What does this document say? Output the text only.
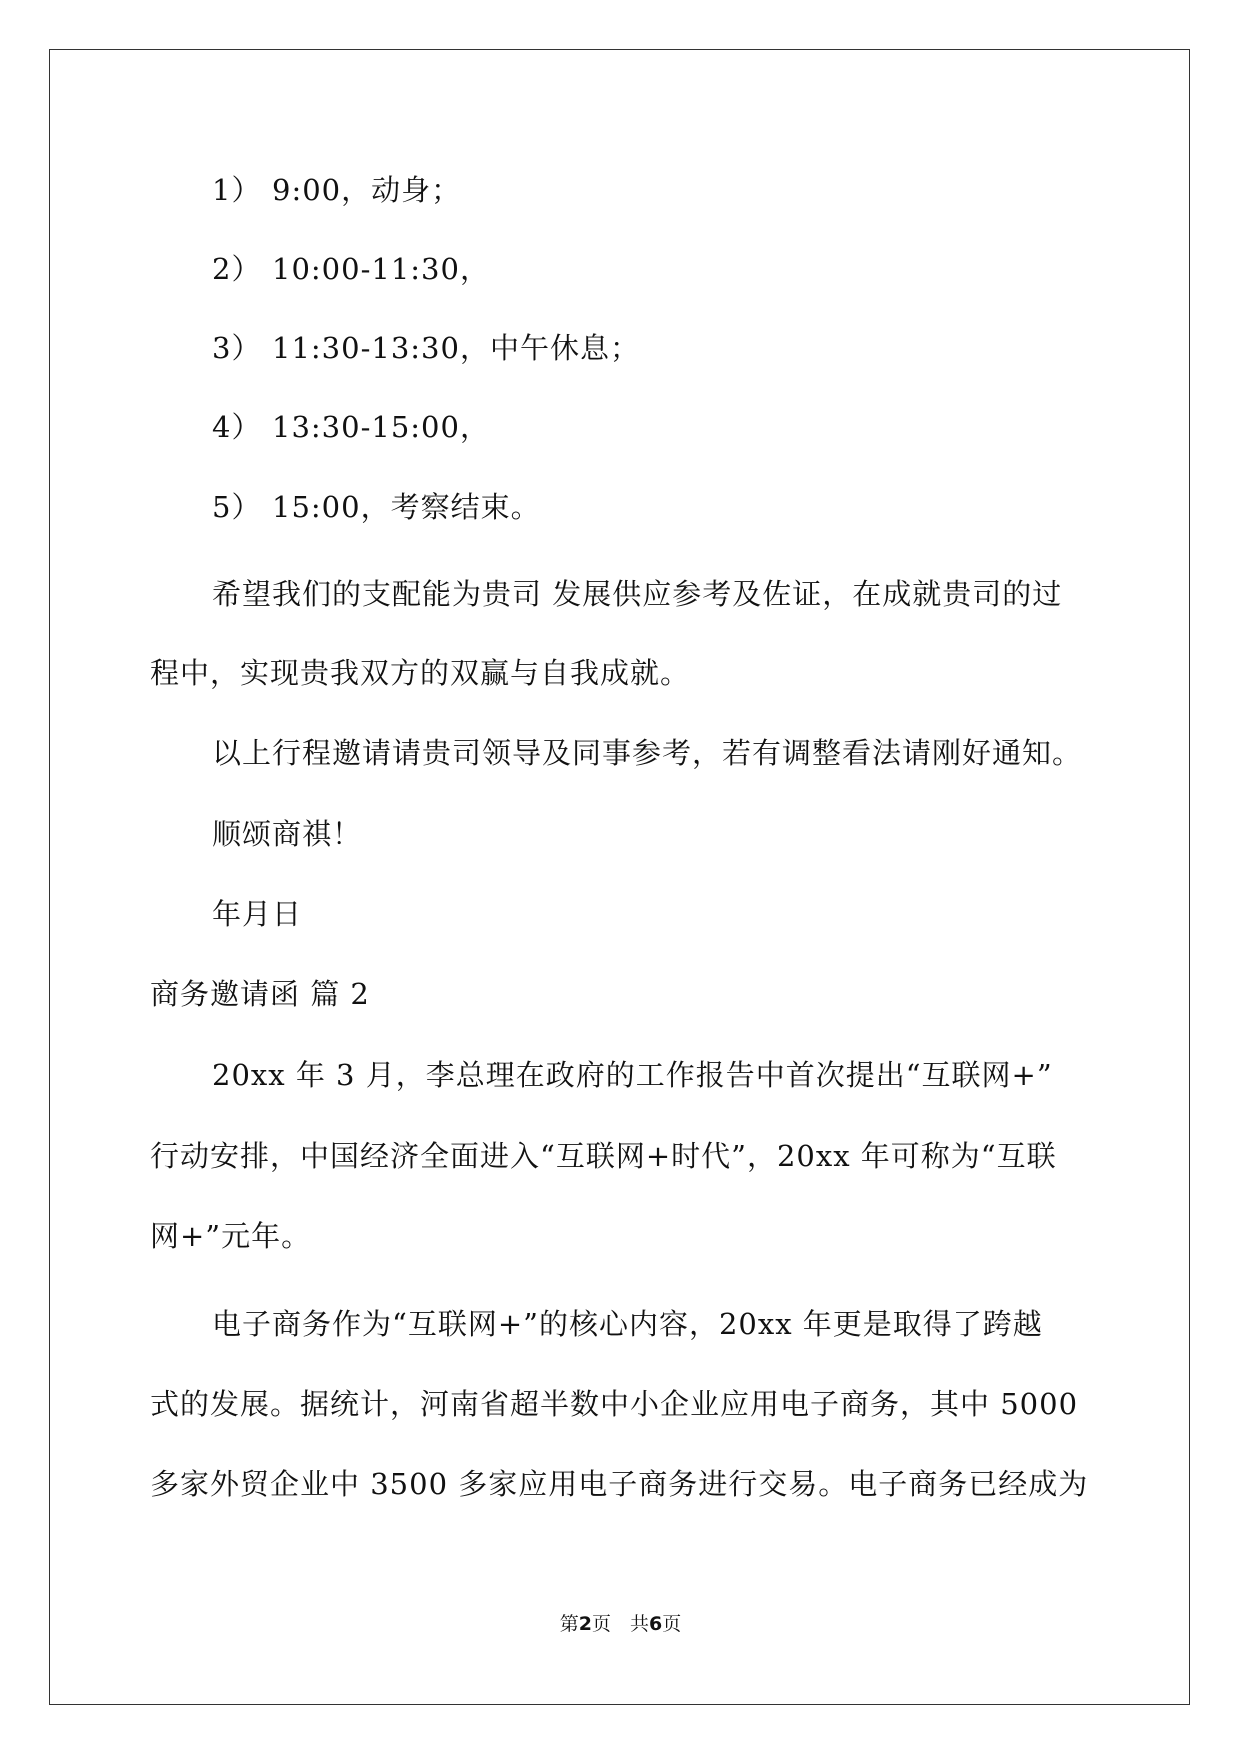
1） 9:00，动身；
2） 10:00-11:30，
3） 11:30-13:30，中午休息；
4） 13:30-15:00，
5） 15:00，考察结束。
希望我们的支配能为贵司 发展供应参考及佐证，在成就贵司的过
程中，实现贵我双方的双赢与自我成就。
以上行程邀请请贵司领导及同事参考，若有调整看法请刚好通知。
顺颂商祺！
年月日
商务邀请函 篇 2
20xx 年 3 月，李总理在政府的工作报告中首次提出“互联网+”
行动安排，中国经济全面进入“互联网+时代”，20xx 年可称为“互联
网+”元年。
电子商务作为“互联网+”的核心内容，20xx 年更是取得了跨越
式的发展。据统计，河南省超半数中小企业应用电子商务，其中 5000
多家外贸企业中 3500 多家应用电子商务进行交易。电子商务已经成为
第2页　共6页
